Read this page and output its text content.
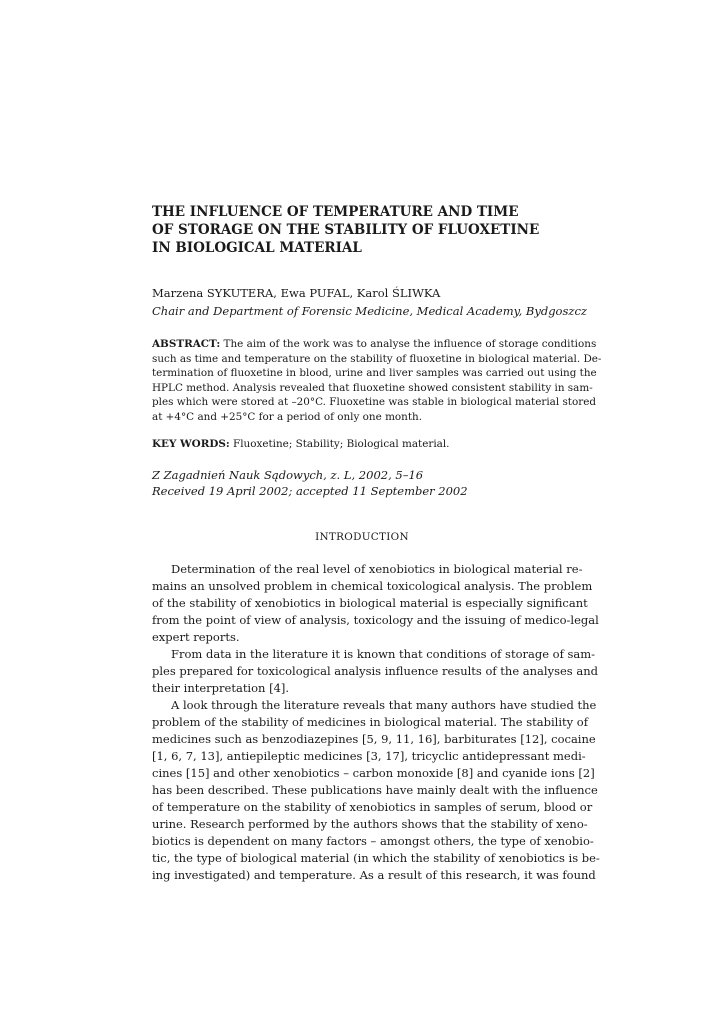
THE INFLUENCE OF TEMPERATURE AND TIME
OF STORAGE ON THE STABILITY OF FLUOXETINE
IN BIOLOGICAL MATERIAL
Marzena SYKUTERA, Ewa PUFAL, Karol ŚLIWKA
Chair and Department of Forensic Medicine, Medical Academy, Bydgoszcz
ABSTRACT: The aim of the work was to analyse the influence of storage conditions
such as time and temperature on the stability of fluoxetine in biological material. De-
termination of fluoxetine in blood, urine and liver samples was carried out using the
HPLC method. Analysis revealed that fluoxetine showed consistent stability in sam-
ples which were stored at –20°C. Fluoxetine was stable in biological material stored
at +4°C and +25°C for a period of only one month.
KEY WORDS: Fluoxetine; Stability; Biological material.
Z Zagadnień Nauk Sądowych, z. L, 2002, 5–16
Received 19 April 2002; accepted 11 September 2002
INTRODUCTION
Determination of the real level of xenobiotics in biological material re-
mains an unsolved problem in chemical toxicological analysis. The problem
of the stability of xenobiotics in biological material is especially significant
from the point of view of analysis, toxicology and the issuing of medico-legal
expert reports.
From data in the literature it is known that conditions of storage of sam-
ples prepared for toxicological analysis influence results of the analyses and
their interpretation [4].
A look through the literature reveals that many authors have studied the
problem of the stability of medicines in biological material. The stability of
medicines such as benzodiazepines [5, 9, 11, 16], barbiturates [12], cocaine
[1, 6, 7, 13], antiepileptic medicines [3, 17], tricyclic antidepressant medi-
cines [15] and other xenobiotics – carbon monoxide [8] and cyanide ions [2]
has been described. These publications have mainly dealt with the influence
of temperature on the stability of xenobiotics in samples of serum, blood or
urine. Research performed by the authors shows that the stability of xeno-
biotics is dependent on many factors – amongst others, the type of xenobio-
tic, the type of biological material (in which the stability of xenobiotics is be-
ing investigated) and temperature. As a result of this research, it was found
